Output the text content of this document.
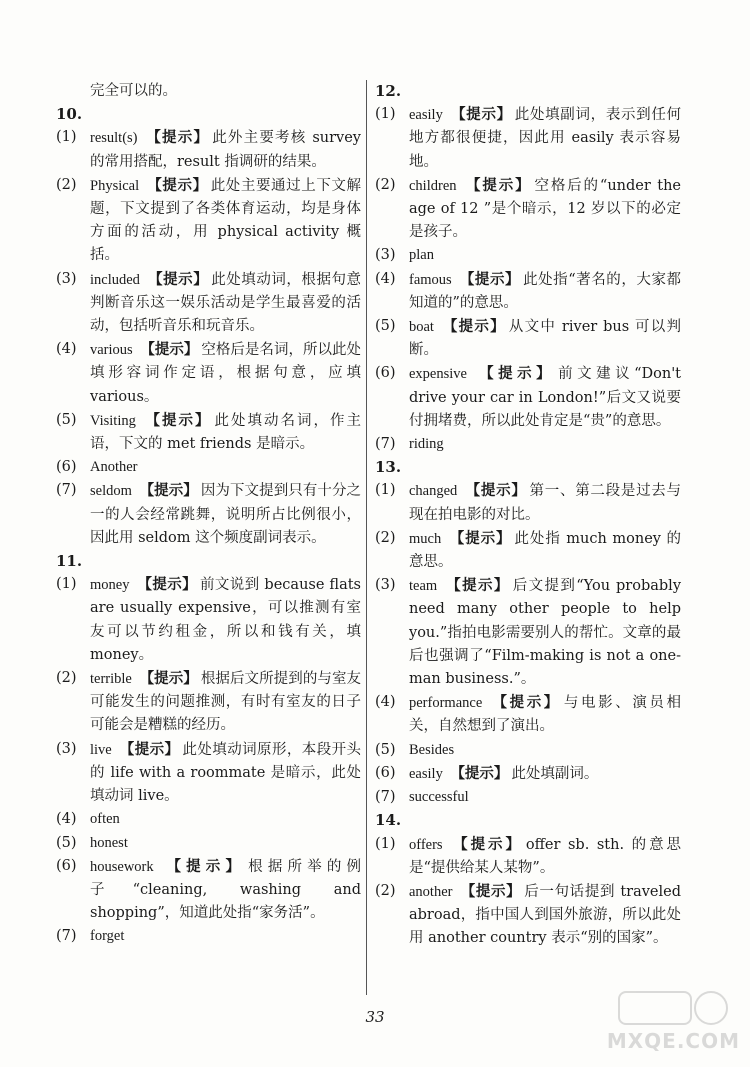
完全可以的。
10.
(1) result(s) 【提示】 此外主要考核 survey 的常用搭配，result 指调研的结果。
(2) Physical 【提示】 此处主要通过上下文解题，下文提到了各类体育运动，均是身体方面的活动，用 physical activity 概括。
(3) included 【提示】 此处填动词，根据句意判断音乐这一娱乐活动是学生最喜爱的活动，包括听音乐和玩音乐。
(4) various 【提示】 空格后是名词，所以此处填形容词作定语，根据句意，应填 various。
(5) Visiting 【提示】 此处填动名词，作主语，下文的 met friends 是暗示。
(6) Another
(7) seldom 【提示】 因为下文提到只有十分之一的人会经常跳舞，说明所占比例很小，因此用 seldom 这个频度副词表示。
11.
(1) money 【提示】 前文说到 because flats are usually expensive，可以推测有室友可以节约租金，所以和钱有关，填 money。
(2) terrible 【提示】 根据后文所提到的与室友可能发生的问题推测，有时有室友的日子可能会是糟糕的经历。
(3) live 【提示】 此处填动词原形，本段开头的 life with a roommate 是暗示，此处填动词 live。
(4) often
(5) honest
(6) housework 【提示】 根据所举的例子“cleaning, washing and shopping”，知道此处指“家务活”。
(7) forget
12.
(1) easily 【提示】 此处填副词，表示到任何地方都很便捷，因此用 easily 表示容易地。
(2) children 【提示】 空格后的“under the age of 12 ”是个暗示，12 岁以下的必定是孩子。
(3) plan
(4) famous 【提示】 此处指“著名的，大家都知道的”的意思。
(5) boat 【提示】 从文中 river bus 可以判断。
(6) expensive 【提示】 前文建议“Don't drive your car in London!”后文又说要付拥堵费，所以此处肯定是“贵”的意思。
(7) riding
13.
(1) changed 【提示】 第一、第二段是过去与现在拍电影的对比。
(2) much 【提示】 此处指 much money 的意思。
(3) team 【提示】 后文提到“You probably need many other people to help you.”指拍电影需要别人的帮忙。文章的最后也强调了“Film-making is not a one-man business.”。
(4) performance 【提示】 与电影、演员相关，自然想到了演出。
(5) Besides
(6) easily 【提示】 此处填副词。
(7) successful
14.
(1) offers 【提示】 offer sb. sth. 的意思是“提供给某人某物”。
(2) another 【提示】 后一句话提到 traveled abroad，指中国人到国外旅游，所以此处用 another country 表示“别的国家”。
33
MXQE.COM
